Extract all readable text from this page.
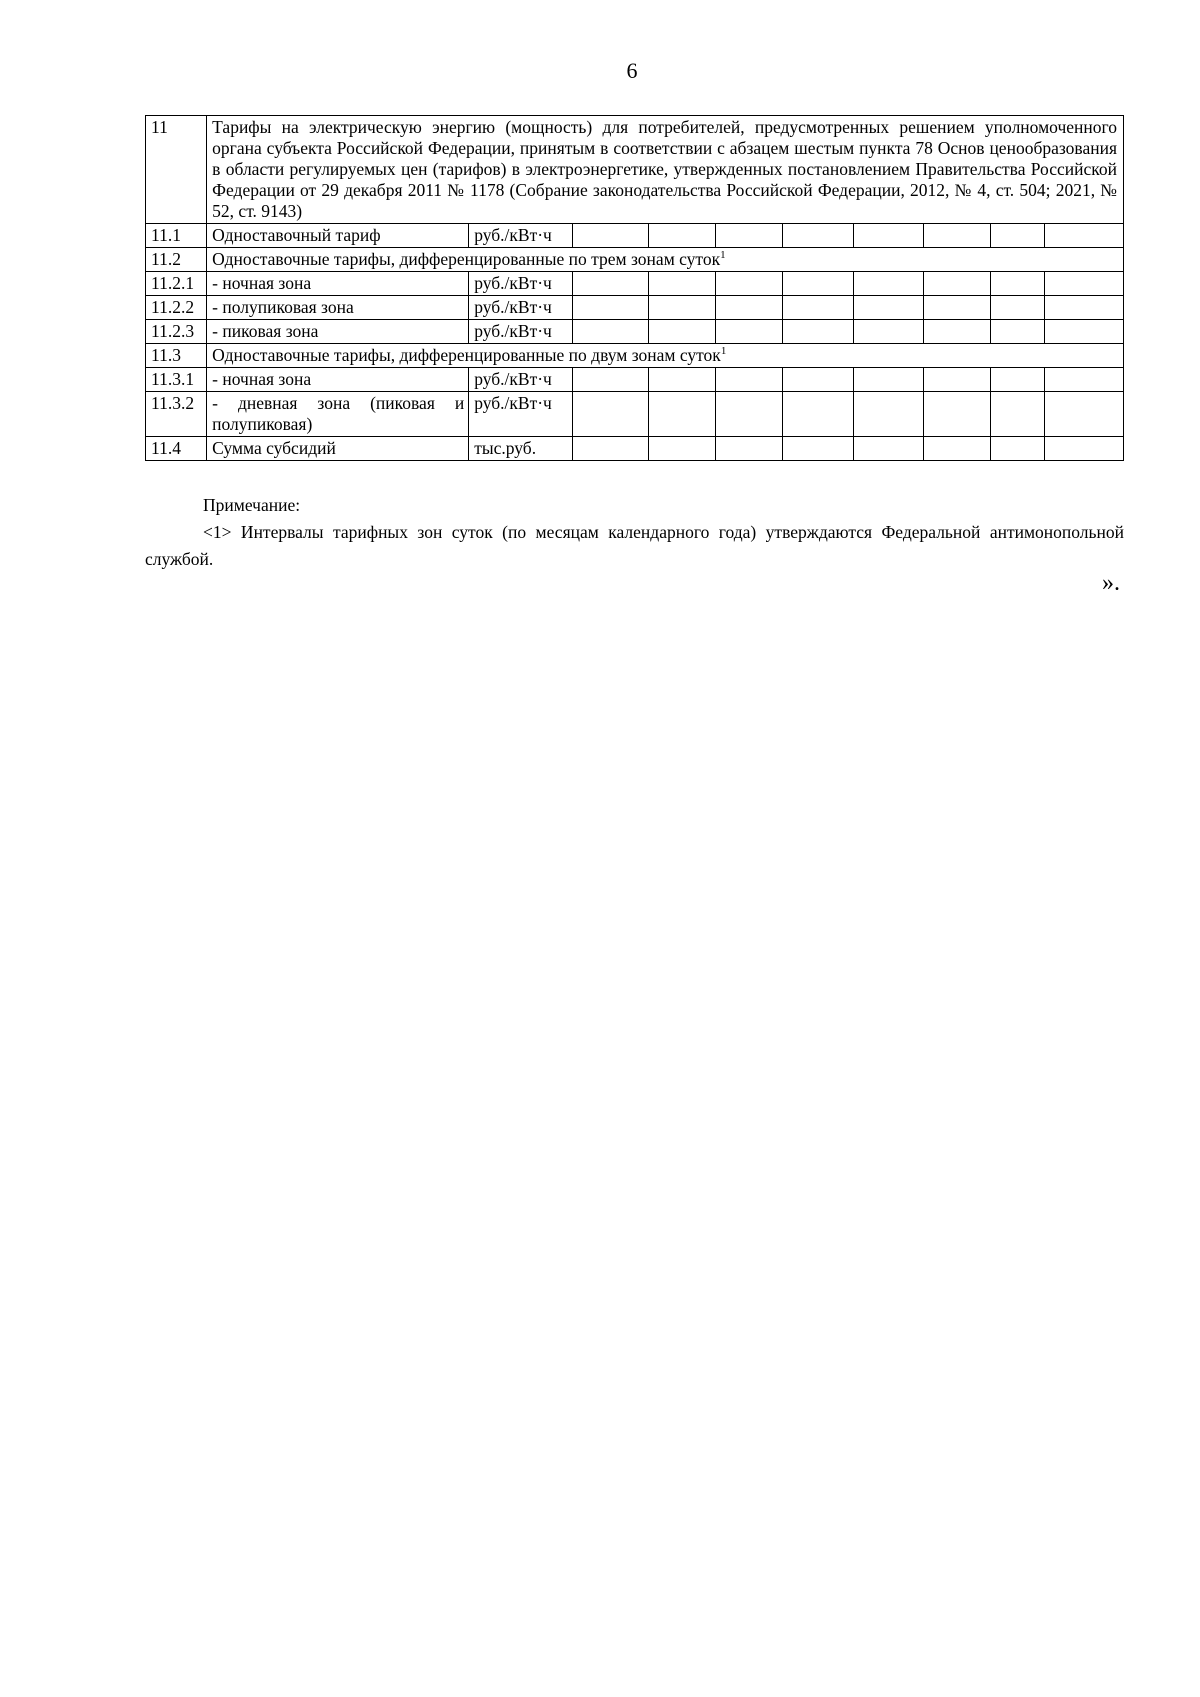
6
11	Тарифы на электрическую энергию (мощность) для потребителей, предусмотренных решением уполномоченного органа субъекта Российской Федерации, принятым в соответствии с абзацем шестым пункта 78 Основ ценообразования в области регулируемых цен (тарифов) в электроэнергетике, утвержденных постановлением Правительства Российской Федерации от 29 декабря 2011 № 1178 (Собрание законодательства Российской Федерации, 2012, № 4, ст. 504; 2021, № 52, ст. 9143)									
11.1	Одноставочный тариф	руб./кВт·ч								
11.2	Одноставочные тарифы, дифференцированные по трем зонам суток$^1$
11.2.1	- ночная зона	руб./кВт·ч								
11.2.2	- полупиковая зона	руб./кВт·ч								
11.2.3	- пиковая зона	руб./кВт·ч								
11.3	Одноставочные тарифы, дифференцированные по двум зонам суток$^1$
11.3.1	- ночная зона	руб./кВт·ч								
11.3.2	- дневная зона (пиковая и полупиковая)	руб./кВт·ч								
11.4	Сумма субсидий	тыс.руб.								
Примечание:
<1> Интервалы тарифных зон суток (по месяцам календарного года) утверждаются Федеральной антимонопольной службой.
».
